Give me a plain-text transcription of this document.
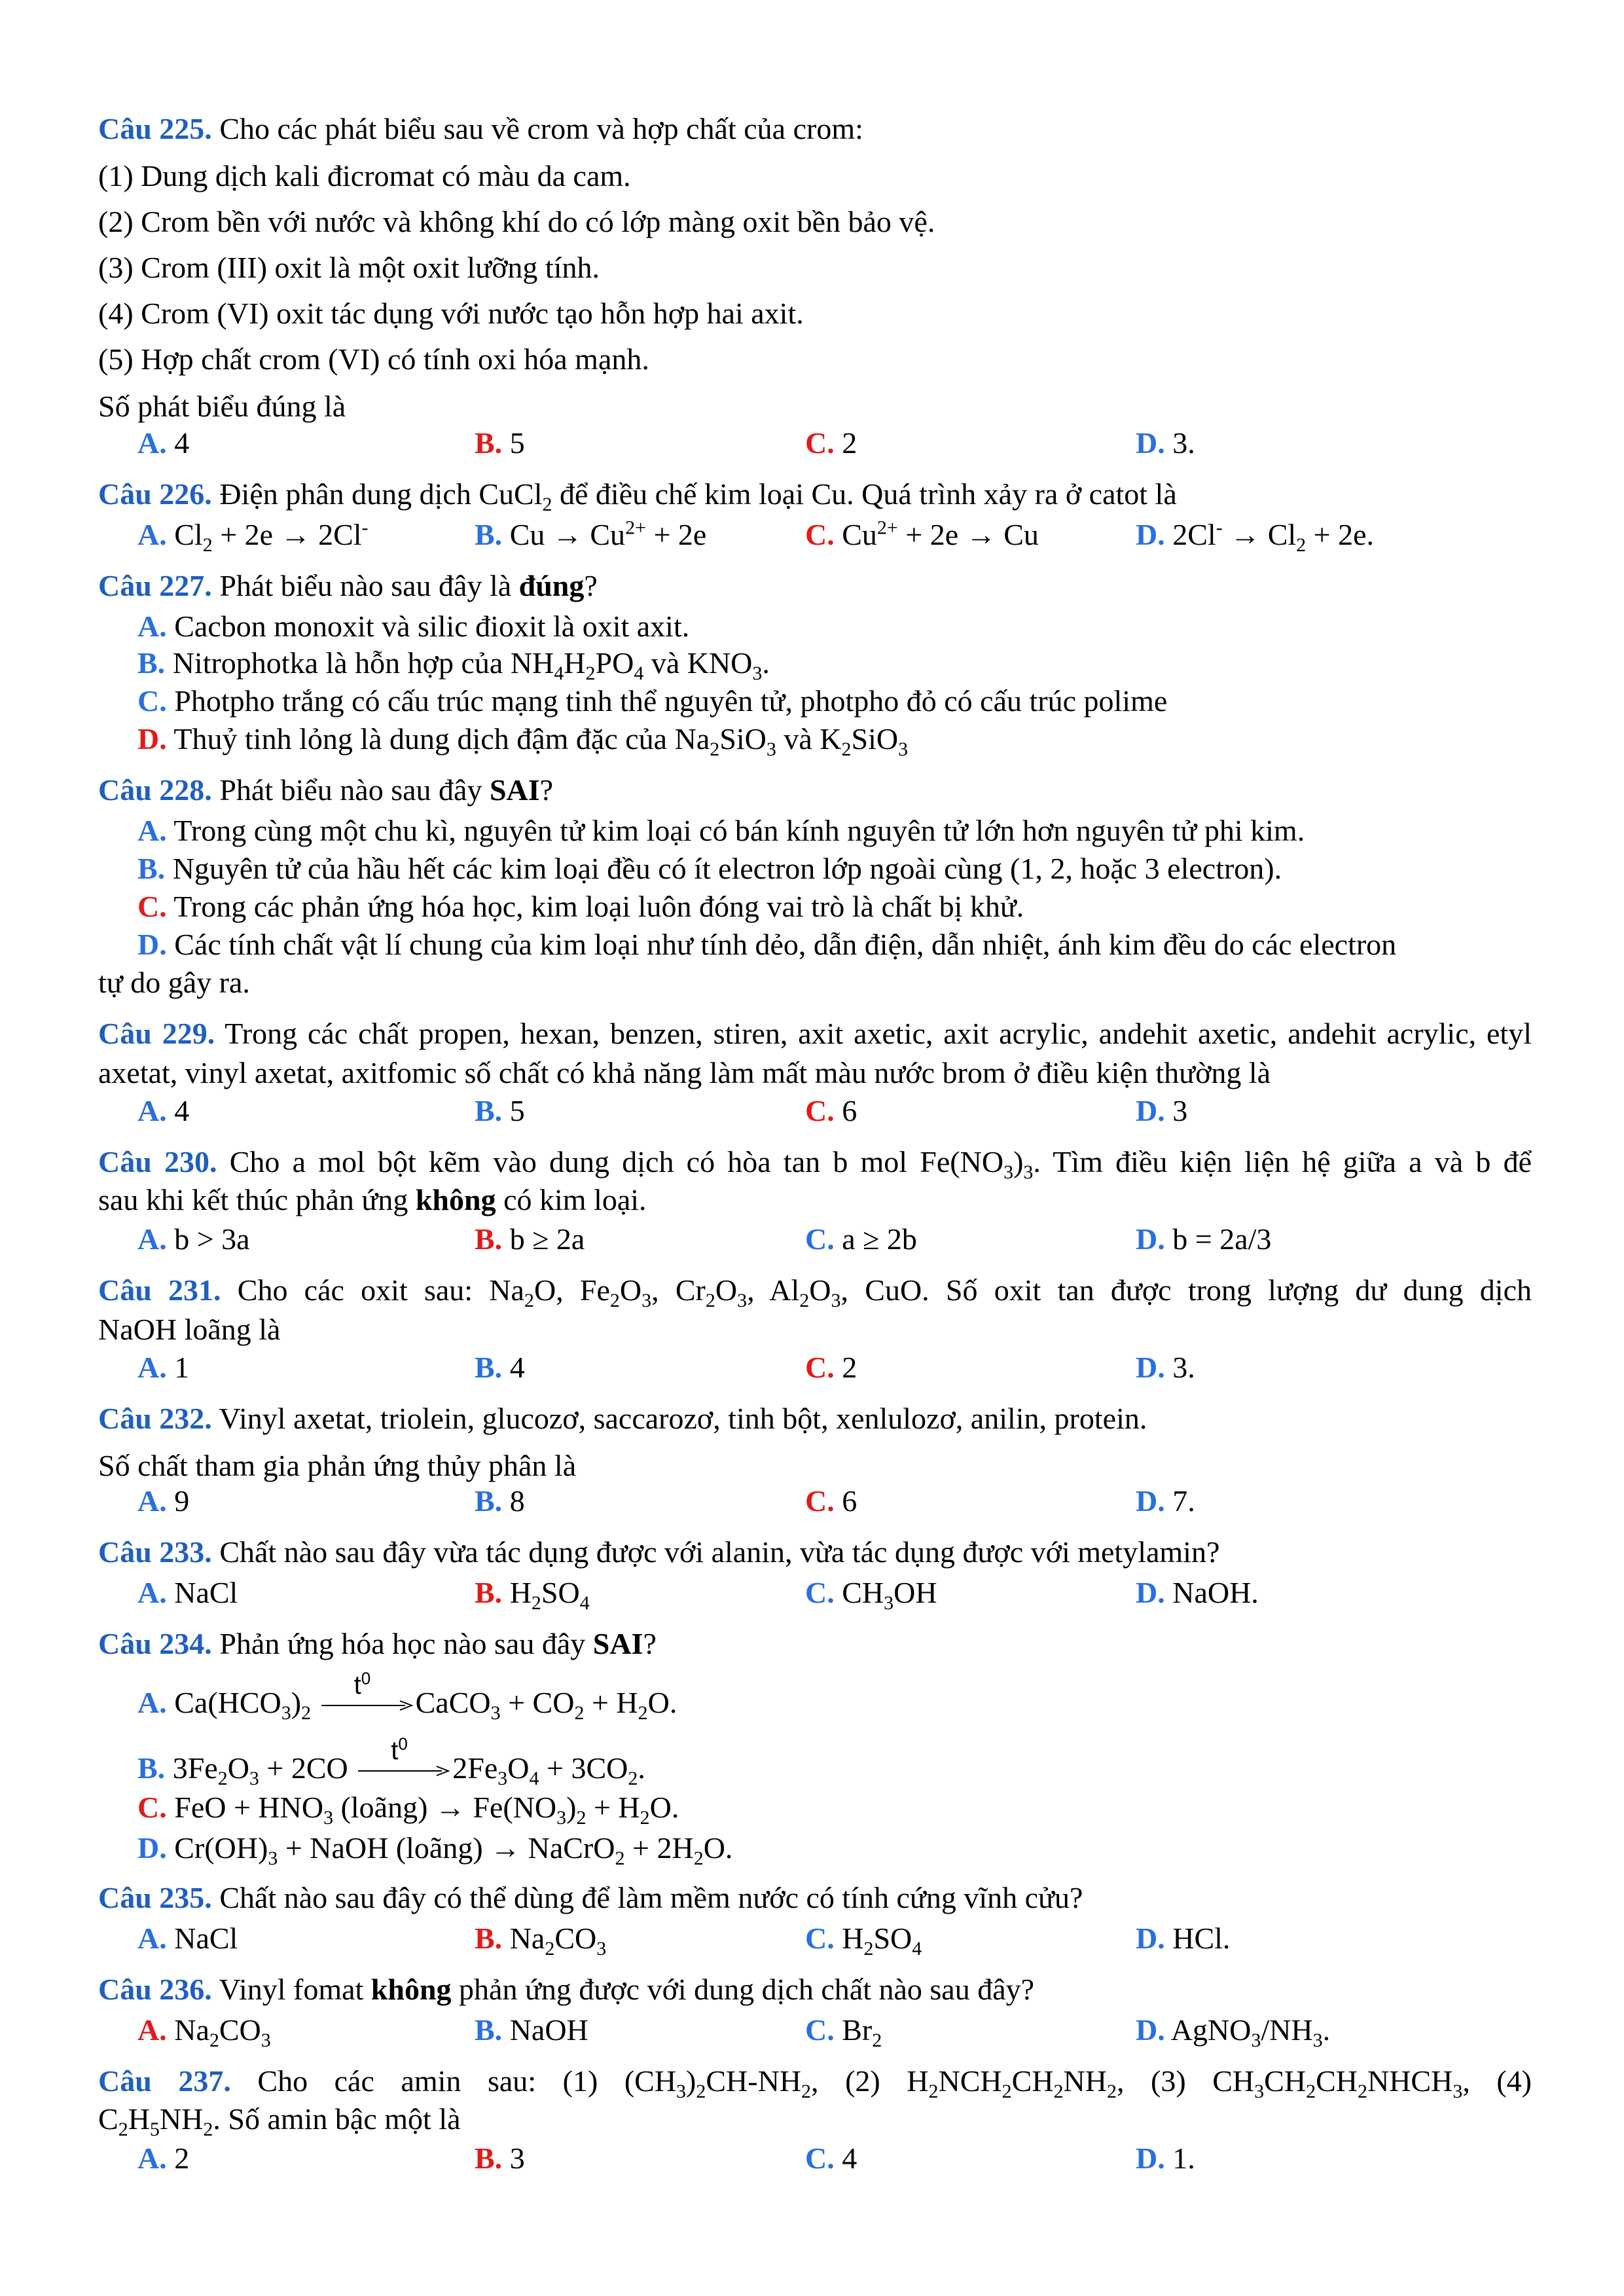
Câu 225. Cho các phát biểu sau về crom và hợp chất của crom:
(1) Dung dịch kali đicromat có màu da cam.
(2) Crom bền với nước và không khí do có lớp màng oxit bền bảo vệ.
(3) Crom (III) oxit là một oxit lưỡng tính.
(4) Crom (VI) oxit tác dụng với nước tạo hỗn hợp hai axit.
(5) Hợp chất crom (VI) có tính oxi hóa mạnh.
Số phát biểu đúng là
A. 4	B. 5	C. 2	D. 3.
Câu 226. Điện phân dung dịch CuCl$_2$ để điều chế kim loại Cu. Quá trình xảy ra ở catot là
A. $Cl_2 + 2e \to 2Cl^-$	B. $Cu \to Cu^{2+} + 2e$	C. $Cu^{2+} + 2e \to Cu$	D. $2Cl^- \to Cl_2 + 2e$.
Câu 227. Phát biểu nào sau đây là đúng?
A. Cacbon monoxit và silic đioxit là oxit axit.
B. Nitrophotka là hỗn hợp của $NH_4H_2PO_4$ và $KNO_3$.
C. Photpho trắng có cấu trúc mạng tinh thể nguyên tử, photpho đỏ có cấu trúc polime
D. Thuỷ tinh lỏng là dung dịch đậm đặc của $Na_2SiO_3$ và $K_2SiO_3$
Câu 228. Phát biểu nào sau đây SAI?
A. Trong cùng một chu kì, nguyên tử kim loại có bán kính nguyên tử lớn hơn nguyên tử phi kim.
B. Nguyên tử của hầu hết các kim loại đều có ít electron lớp ngoài cùng (1, 2, hoặc 3 electron).
C. Trong các phản ứng hóa học, kim loại luôn đóng vai trò là chất bị khử.
D. Các tính chất vật lí chung của kim loại như tính dẻo, dẫn điện, dẫn nhiệt, ánh kim đều do các electron
tự do gây ra.
Câu 229. Trong các chất propen, hexan, benzen, stiren, axit axetic, axit acrylic, andehit axetic, andehit acrylic, etyl
axetat, vinyl axetat, axitfomic số chất có khả năng làm mất màu nước brom ở điều kiện thường là
A. 4	B. 5	C. 6	D. 3
Câu 230. Cho a mol bột kẽm vào dung dịch có hòa tan b mol $Fe(NO_3)_3$. Tìm điều kiện liện hệ giữa a và b để
sau khi kết thúc phản ứng không có kim loại.
A. b > 3a	B. b ≥ 2a	C. a ≥ 2b	D. b = 2a/3
Câu 231. Cho các oxit sau: $Na_2O$, $Fe_2O_3$, $Cr_2O_3$, $Al_2O_3$, CuO. Số oxit tan được trong lượng dư dung dịch
NaOH loãng là
A. 1	B. 4	C. 2	D. 3.
Câu 232. Vinyl axetat, triolein, glucozơ, saccarozơ, tinh bột, xenlulozơ, anilin, protein.
Số chất tham gia phản ứng thủy phân là
A. 9	B. 8	C. 6	D. 7.
Câu 233. Chất nào sau đây vừa tác dụng được với alanin, vừa tác dụng được với metylamin?
A. NaCl	B. $H_2SO_4$	C. $CH_3OH$	D. NaOH.
Câu 234. Phản ứng hóa học nào sau đây SAI?
A. $Ca(HCO_3)_2$
$t^0$
CaCO$_3$ + $CO_2 + H_2O$.
B. $3Fe_2O_3 + 2CO$
$t^0$
$2Fe_3O_4 + 3CO_2$.
C. FeO + $HNO_3$ (loãng) → $Fe(NO_3)_2 + H_2O$.
D. $Cr(OH)_3$ + NaOH (loãng) → NaCrO$_2$ + $2H_2O$.
Câu 235. Chất nào sau đây có thể dùng để làm mềm nước có tính cứng vĩnh cửu?
A. NaCl	B. $Na_2CO_3$	C. $H_2SO_4$	D. HCl.
Câu 236. Vinyl fomat không phản ứng được với dung dịch chất nào sau đây?
A. $Na_2CO_3$	B. NaOH	C. $Br_2$	D. $AgNO_3/NH_3$.
Câu 237. Cho các amin sau: (1) $(CH_3)_2CH-NH_2$, (2) $H_2NCH_2CH_2NH_2$, (3) $CH_3CH_2CH_2NHCH_3$, (4)
$C_2H_5NH_2$. Số amin bậc một là
A. 2	B. 3	C. 4	D. 1.
